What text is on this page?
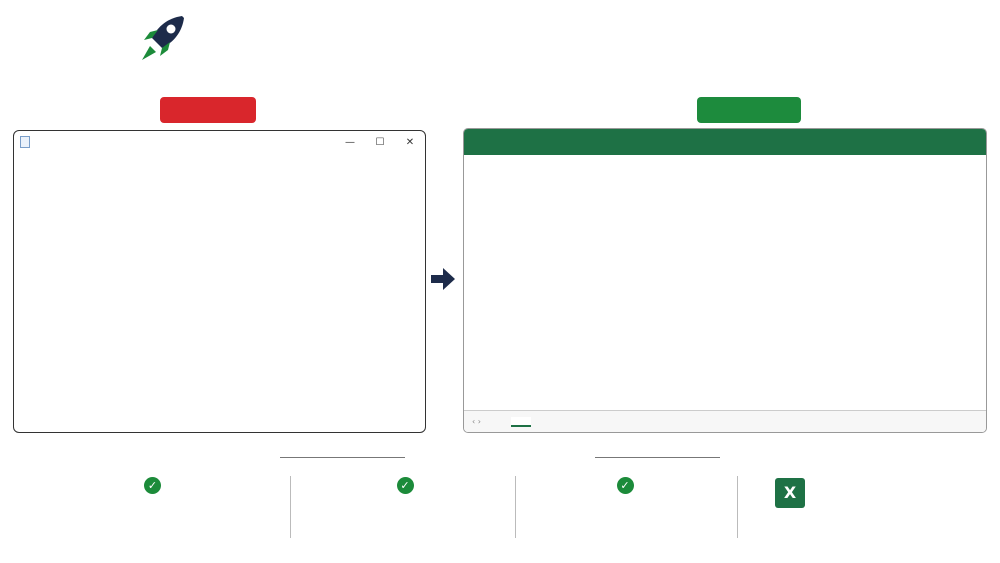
—	☐	✕
‹ ›
✓
✓
✓	X
